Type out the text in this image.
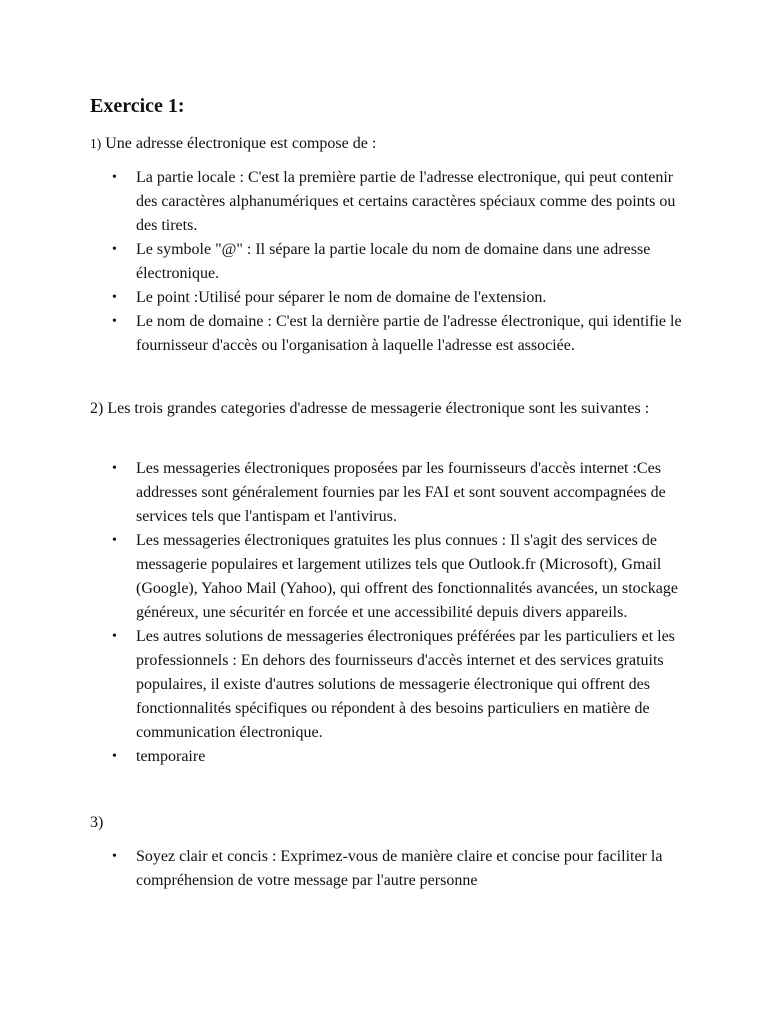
Exercice 1:

1) Une adresse électronique est compose de :

• La partie locale : C'est la première partie de l'adresse electronique, qui peut contenir des caractères alphanumériques et certains caractères spéciaux comme des points ou des tirets.
• Le symbole "@" : Il sépare la partie locale du nom de domaine dans une adresse électronique.
• Le point :Utilisé pour séparer le nom de domaine de l'extension.
• Le nom de domaine : C'est la dernière partie de l'adresse électronique, qui identifie le fournisseur d'accès ou l'organisation à laquelle l'adresse est associée.

2) Les trois grandes categories d'adresse de messagerie électronique sont les suivantes :

• Les messageries électroniques proposées par les fournisseurs d'accès internet :Ces addresses sont généralement fournies par les FAI et sont souvent accompagnées de services tels que l'antispam et l'antivirus.
• Les messageries électroniques gratuites les plus connues : Il s'agit des services de messagerie populaires et largement utilizes tels que Outlook.fr (Microsoft), Gmail (Google), Yahoo Mail (Yahoo), qui offrent des fonctionnalités avancées, un stockage généreux, une sécuritér en forcée et une accessibilité depuis divers appareils.
• Les autres solutions de messageries électroniques préférées par les particuliers et les professionnels : En dehors des fournisseurs d'accès internet et des services gratuits populaires, il existe d'autres solutions de messagerie électronique qui offrent des fonctionnalités spécifiques ou répondent à des besoins particuliers en matière de communication électronique.
• temporaire

3)

• Soyez clair et concis : Exprimez-vous de manière claire et concise pour faciliter la compréhension de votre message par l'autre personne
